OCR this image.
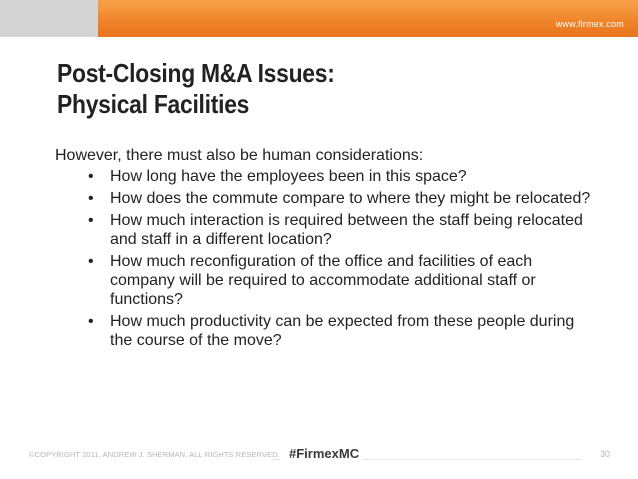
www.firmex.com
Post-Closing M&A Issues:
Physical Facilities

However, there must also be human considerations:

• How long have the employees been in this space?
• How does the commute compare to where they might be relocated?
• How much interaction is required between the staff being relocated and staff in a different location?
• How much reconfiguration of the office and facilities of each company will be required to accommodate additional staff or functions?
• How much productivity can be expected from these people during the course of the move?
©COPYRIGHT 2011, ANDREW J. SHERMAN. ALL RIGHTS RESERVED. #FirmexMC	30
